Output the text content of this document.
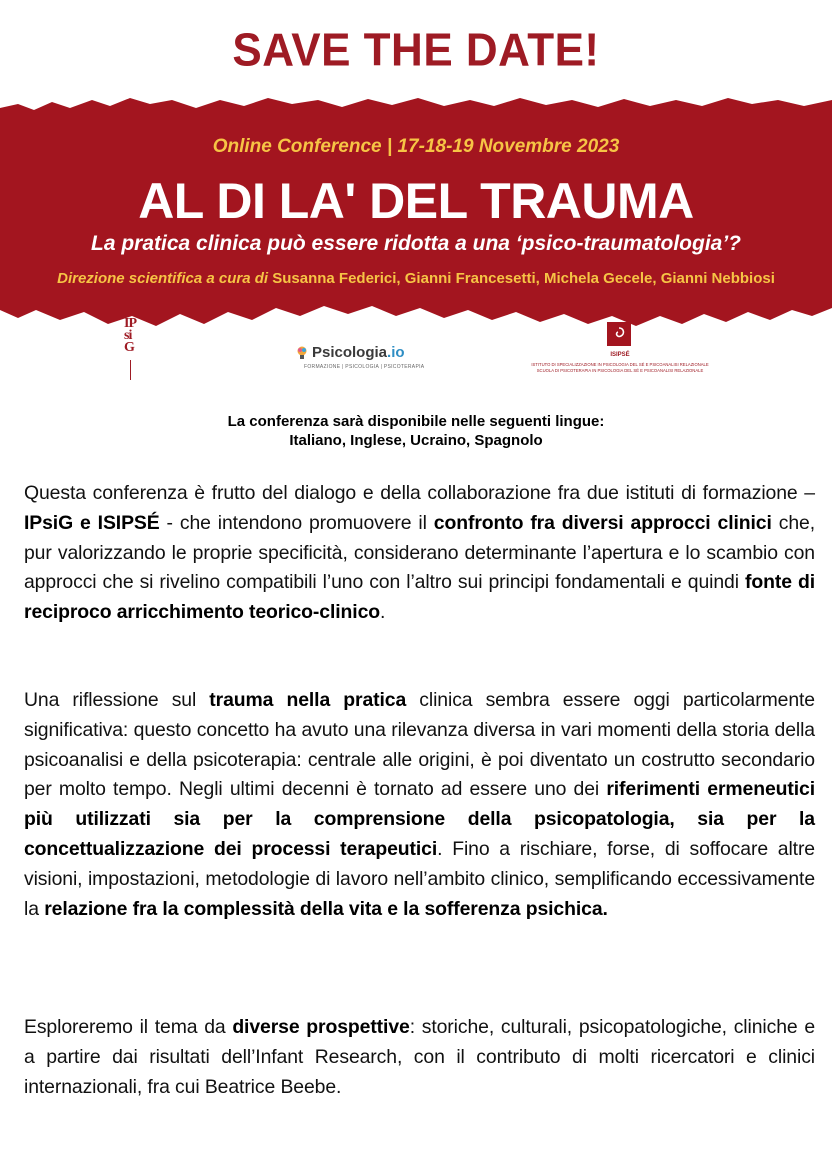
SAVE THE DATE!
Online Conference | 17-18-19 Novembre 2023
AL DI LA' DEL TRAUMA
La pratica clinica può essere ridotta a una ‘psico-traumatologia’?
Direzione scientifica a cura di Susanna Federici, Gianni Francesetti, Michela Gecele, Gianni Nebbiosi
IP
si
G	Psicologia.io
FORMAZIONE | PSICOLOGIA | PSICOTERAPIA
ISIPSÉ
ISTITUTO DI SPECIALIZZAZIONE IN PSICOLOGIA DEL SÉ E PSICOANALISI RELAZIONALE
SCUOLA DI PSICOTERAPIA IN PSICOLOGIA DEL SÉ E PSICOANALISI RELAZIONALE
La conferenza sarà disponibile nelle seguenti lingue:
Italiano, Inglese, Ucraino, Spagnolo
Questa conferenza è frutto del dialogo e della collaborazione fra due istituti di formazione – IPsiG e ISIPSÉ - che intendono promuovere il confronto fra diversi approcci clinici che, pur valorizzando le proprie specificità, considerano determinante l’apertura e lo scambio con approcci che si rivelino compatibili l’uno con l’altro sui principi fondamentali e quindi fonte di reciproco arricchimento teorico-clinico.
Una riflessione sul trauma nella pratica clinica sembra essere oggi particolarmente significativa: questo concetto ha avuto una rilevanza diversa in vari momenti della storia della psicoanalisi e della psicoterapia: centrale alle origini, è poi diventato un costrutto secondario per molto tempo. Negli ultimi decenni è tornato ad essere uno dei riferimenti ermeneutici più utilizzati sia per la comprensione della psicopatologia, sia per la concettualizzazione dei processi terapeutici. Fino a rischiare, forse, di soffocare altre visioni, impostazioni, metodologie di lavoro nell’ambito clinico, semplificando eccessivamente la relazione fra la complessità della vita e la sofferenza psichica.
Esploreremo il tema da diverse prospettive: storiche, culturali, psicopatologiche, cliniche e a partire dai risultati dell’Infant Research, con il contributo di molti ricercatori e clinici internazionali, fra cui Beatrice Beebe.
